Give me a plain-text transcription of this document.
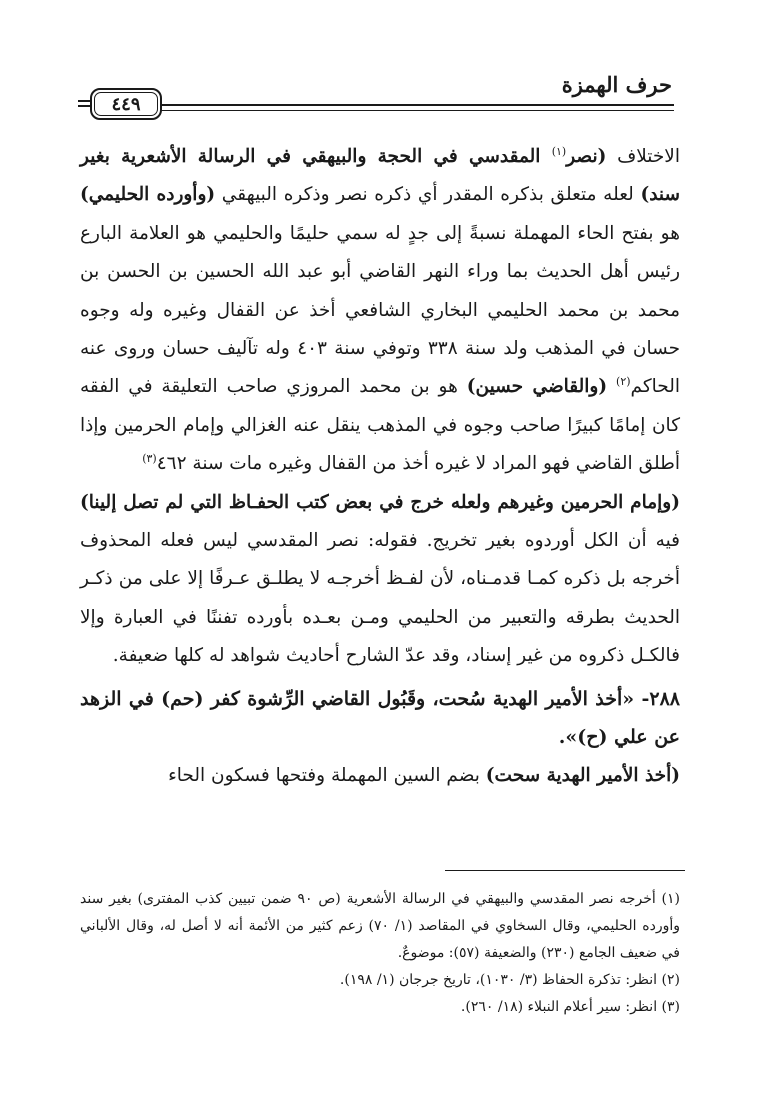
حرف الهمزة
٤٤٩

الاختلاف (نصر$^{(١)}$ المقدسي في الحجة والبيهقي في الرسالة الأشعرية بغير سند) لعله متعلق بذكره المقدر أي ذكره نصر وذكره البيهقي (وأورده الحليمي) هو بفتح الحاء المهملة نسبةً إلى جدٍ له سمي حليمًا والحليمي هو العلامة البارع رئيس أهل الحديث بما وراء النهر القاضي أبو عبد الله الحسين بن الحسن بن محمد بن محمد الحليمي البخاري الشافعي أخذ عن القفال وغيره وله وجوه حسان في المذهب ولد سنة ٣٣٨ وتوفي سنة ٤٠٣ وله تآليف حسان وروى عنه الحاكم$^{(٢)}$ (والقاضي حسين) هو بن محمد المروزي صاحب التعليقة في الفقه كان إمامًا كبيرًا صاحب وجوه في المذهب ينقل عنه الغزالي وإمام الحرمين وإذا أطلق القاضي فهو المراد لا غيره أخذ من القفال وغيره مات سنة ٤٦٢$^{(٣)}$

(وإمام الحرمين وغيرهم ولعله خرج في بعض كتب الحفـاظ التي لم تصل إلينا) فيه أن الكل أوردوه بغير تخريج. فقوله: نصر المقدسي ليس فعله المحذوف أخرجه بل ذكره كمـا قدمـناه، لأن لفـظ أخرجـه لا يطلـق عـرفًا إلا على من ذكـر الحديث بطرقه والتعبير من الحليمي ومـن بعـده بأورده تفننًا في العبارة وإلا فالكـل ذكروه من غير إسناد، وقد عدّ الشارح أحاديث شواهد له كلها ضعيفة.

٢٨٨- «أخذ الأمير الهدية سُحت، وقَبُول القاضي الرِّشوة كفر (حم) في الزهد عن علي (ح)».

(أخذ الأمير الهدية سحت) بضم السين المهملة وفتحها فسكون الحاء

(١) أخرجه نصر المقدسي والبيهقي في الرسالة الأشعرية (ص ٩٠ ضمن تبيين كذب المفترى) بغير سند وأورده الحليمي، وقال السخاوي في المقاصد (١/ ٧٠) زعم كثير من الأئمة أنه لا أصل له، وقال الألباني في ضعيف الجامع (٢٣٠) والضعيفة (٥٧): موضوعٌ.

(٢) انظر: تذكرة الحفاظ (٣/ ١٠٣٠)، تاريخ جرجان (١/ ١٩٨).

(٣) انظر: سير أعلام النبلاء (١٨/ ٢٦٠).
